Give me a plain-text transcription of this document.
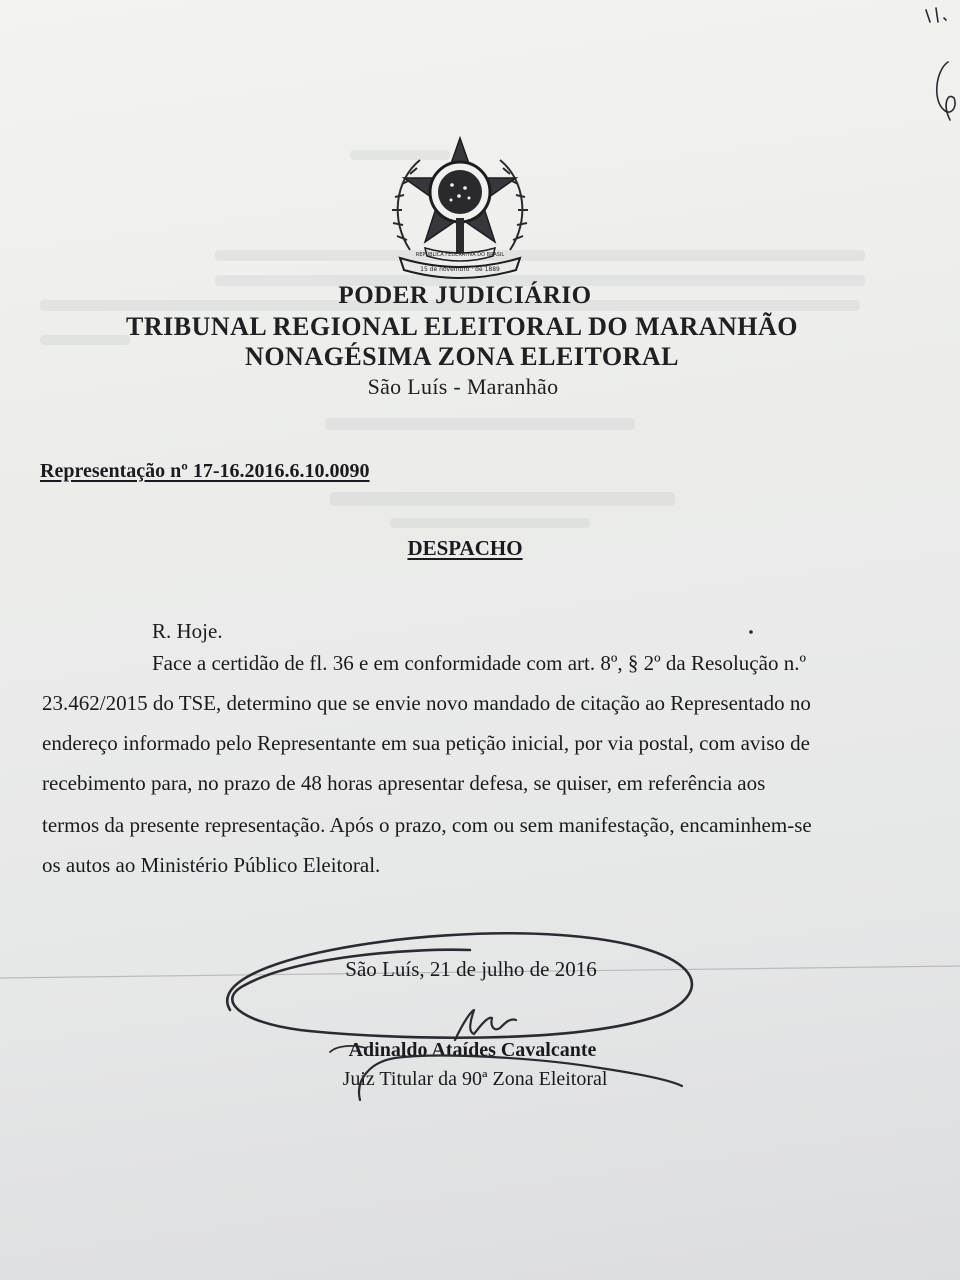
REPÚBLICA FEDERATIVA DO BRASIL
15 de novembro · de 1889
PODER JUDICIÁRIO
TRIBUNAL REGIONAL ELEITORAL DO MARANHÃO
NONAGÉSIMA ZONA ELEITORAL
São Luís - Maranhão
Representação nº 17-16.2016.6.10.0090
DESPACHO
R. Hoje.
Face a certidão de fl. 36 e em conformidade com art. 8º, § 2º da Resolução n.º
23.462/2015 do TSE, determino que se envie novo mandado de citação ao Representado no
endereço informado pelo Representante em sua petição inicial, por via postal, com aviso de
recebimento para, no prazo de 48 horas apresentar defesa, se quiser, em referência aos
termos da presente representação. Após o prazo, com ou sem manifestação, encaminhem-se
os autos ao Ministério Público Eleitoral.
São Luís, 21 de julho de 2016
Adinaldo Ataídes Cavalcante
Juiz Titular da 90ª Zona Eleitoral
